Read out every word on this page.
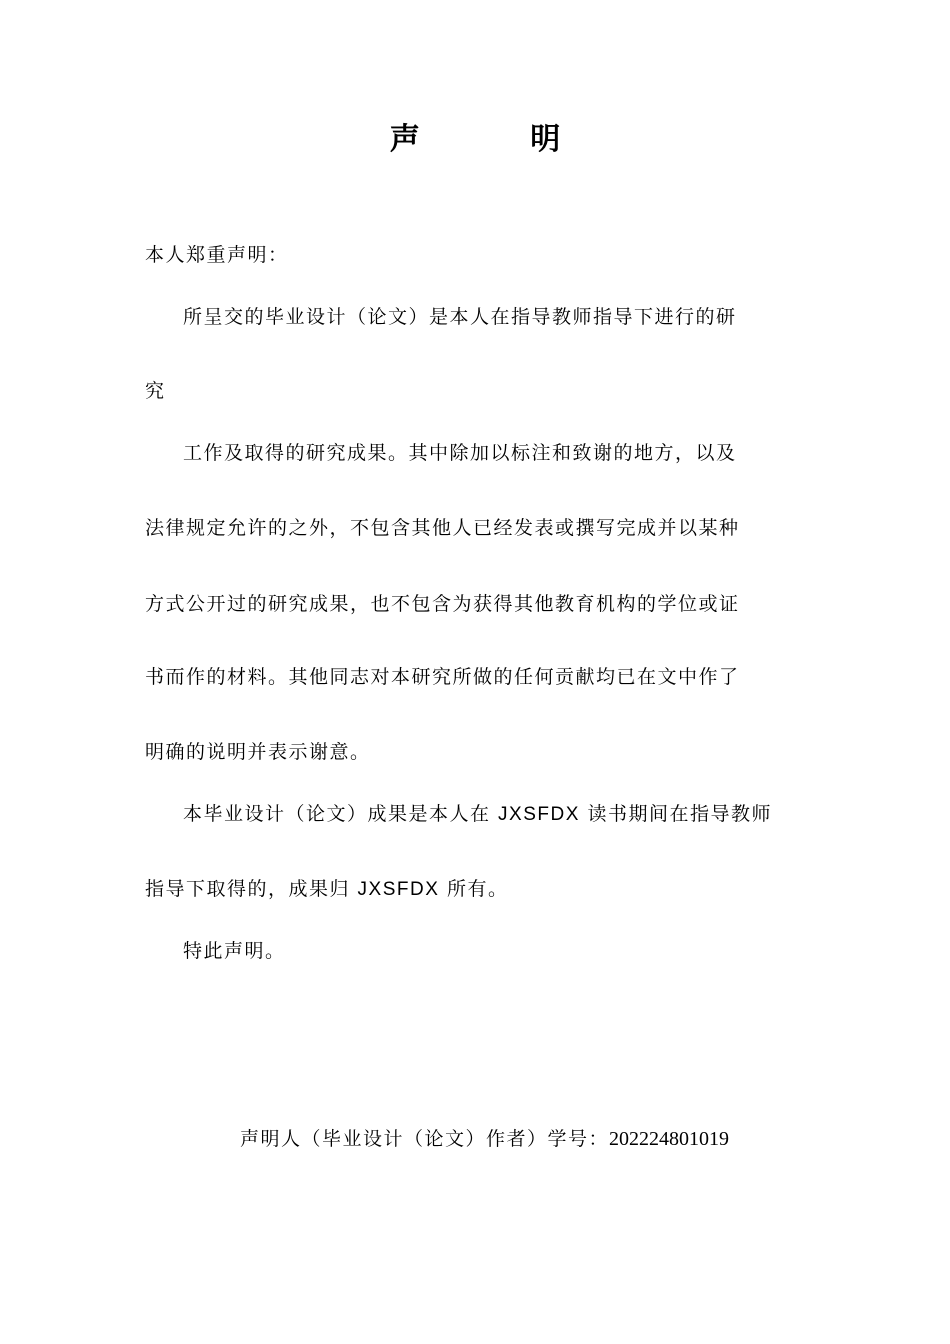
声 明
本人郑重声明：
所呈交的毕业设计（论文）是本人在指导教师指导下进行的研
究
工作及取得的研究成果。其中除加以标注和致谢的地方，以及
法律规定允许的之外，不包含其他人已经发表或撰写完成并以某种
方式公开过的研究成果，也不包含为获得其他教育机构的学位或证
书而作的材料。其他同志对本研究所做的任何贡献均已在文中作了
明确的说明并表示谢意。
本毕业设计（论文）成果是本人在 JXSFDX 读书期间在指导教师
指导下取得的，成果归 JXSFDX 所有。
特此声明。
声明人（毕业设计（论文）作者）学号：202224801019
